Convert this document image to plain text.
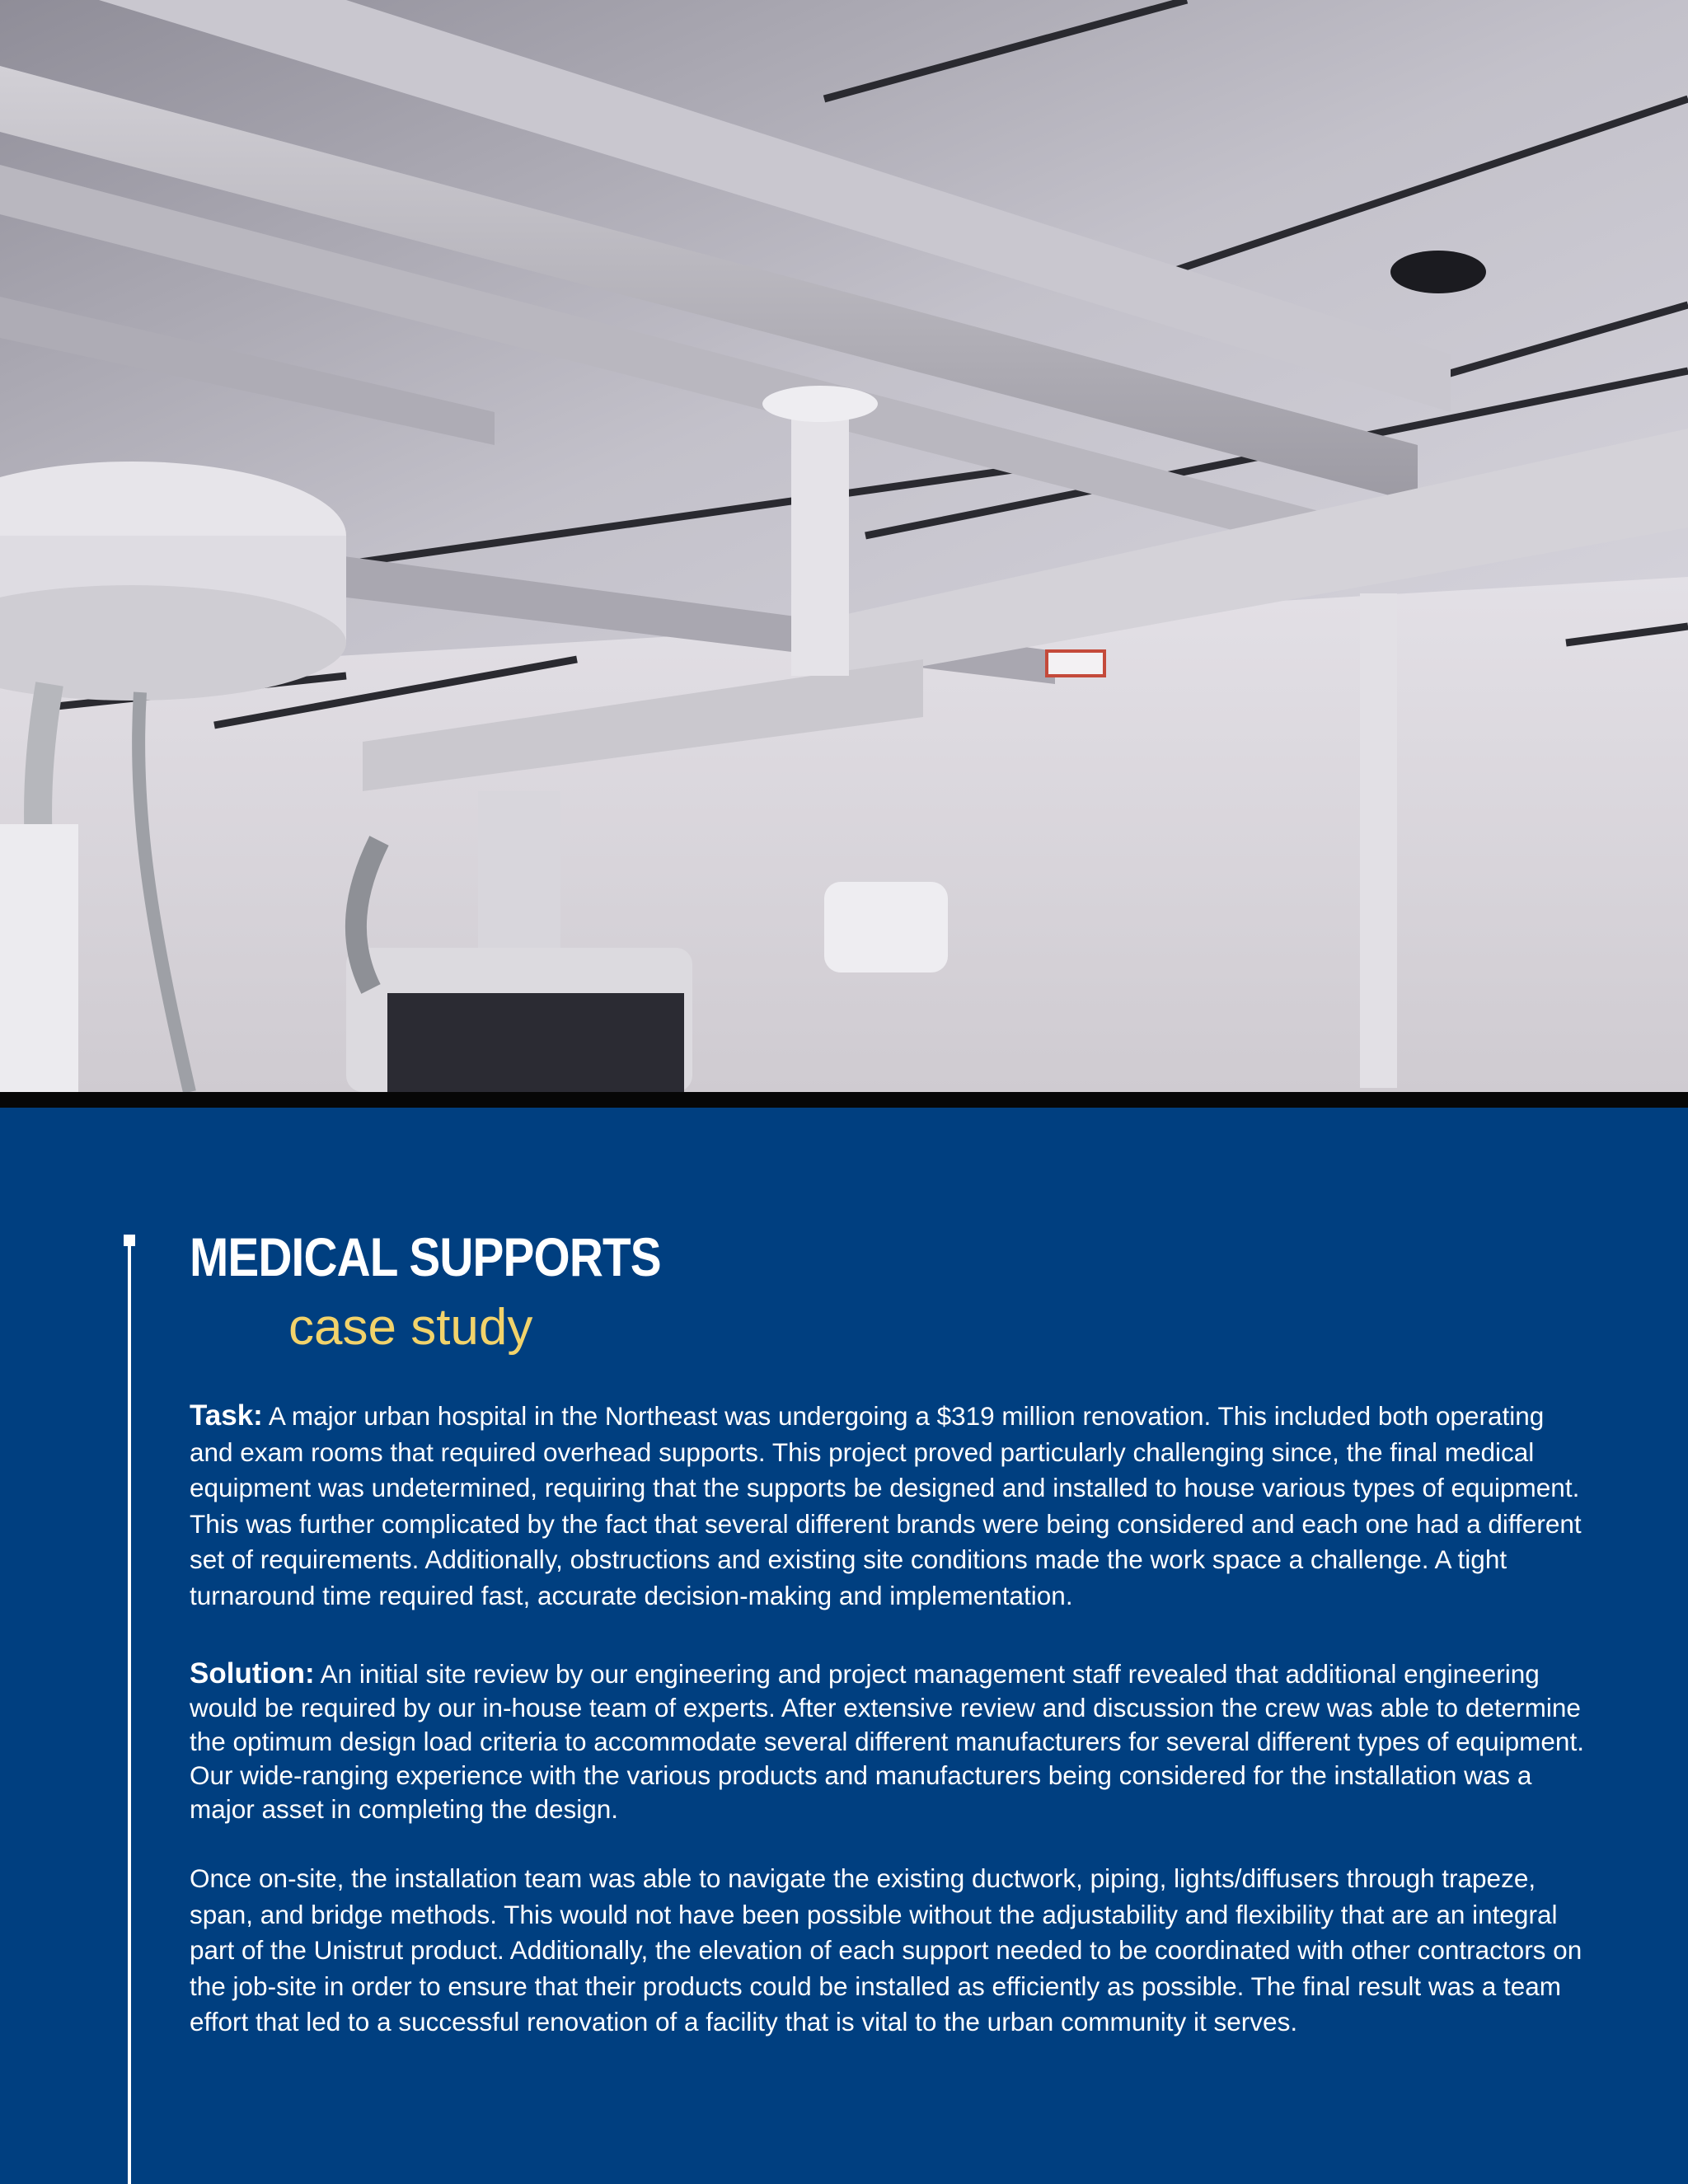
MEDICAL SUPPORTS
case study

Task: A major urban hospital in the Northeast was undergoing a $319 million renovation. This included both operating and exam rooms that required overhead supports. This project proved particularly challenging since, the final medical equipment was undetermined, requiring that the supports be designed and installed to house various types of equipment. This was further complicated by the fact that several different brands were being considered and each one had a different set of requirements. Additionally, obstructions and existing site conditions made the work space a challenge. A tight turnaround time required fast, accurate decision-making and implementation.

Solution: An initial site review by our engineering and project management staff revealed that additional engineering would be required by our in-house team of experts. After extensive review and discussion the crew was able to determine the optimum design load criteria to accommodate several different manufacturers for several different types of equipment. Our wide-ranging experience with the various products and manufacturers being considered for the installation was a major asset in completing the design.

Once on-site, the installation team was able to navigate the existing ductwork, piping, lights/diffusers through trapeze, span, and bridge methods. This would not have been possible without the adjustability and flexibility that are an integral part of the Unistrut product. Additionally, the elevation of each support needed to be coordinated with other contractors on the job-site in order to ensure that their products could be installed as efficiently as possible. The final result was a team effort that led to a successful renovation of a facility that is vital to the urban community it serves.
